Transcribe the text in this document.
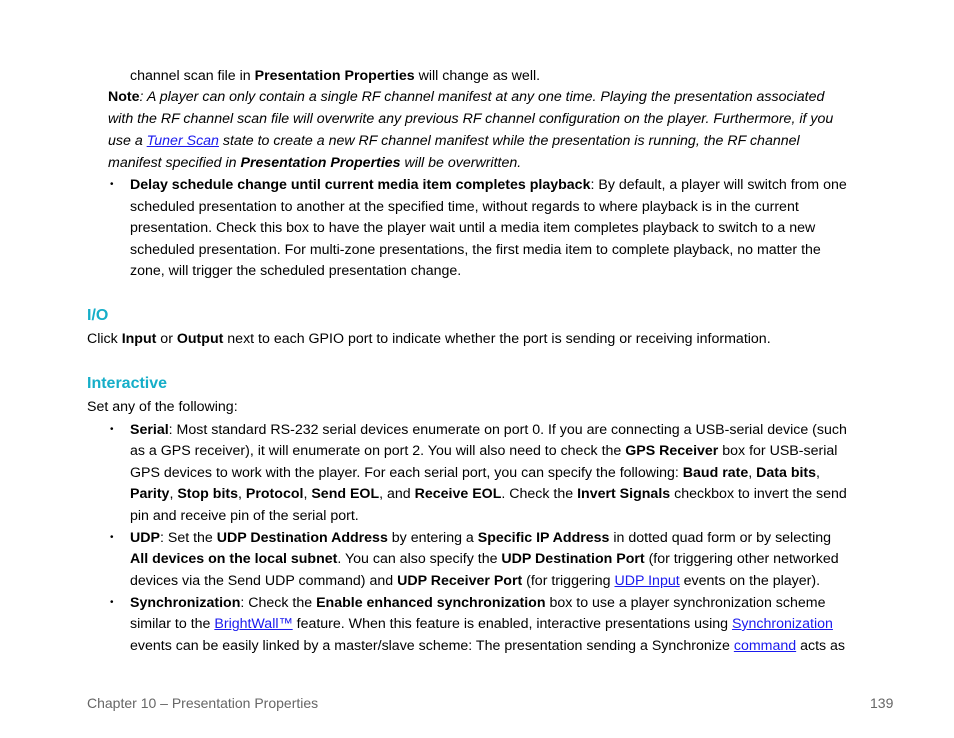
channel scan file in Presentation Properties will change as well.
Note: A player can only contain a single RF channel manifest at any one time. Playing the presentation associated
with the RF channel scan file will overwrite any previous RF channel configuration on the player. Furthermore, if you
use a Tuner Scan state to create a new RF channel manifest while the presentation is running, the RF channel
manifest specified in Presentation Properties will be overwritten.
• Delay schedule change until current media item completes playback: By default, a player will switch from one
scheduled presentation to another at the specified time, without regards to where playback is in the current
presentation. Check this box to have the player wait until a media item completes playback to switch to a new
scheduled presentation. For multi-zone presentations, the first media item to complete playback, no matter the
zone, will trigger the scheduled presentation change.
I/O
Click Input or Output next to each GPIO port to indicate whether the port is sending or receiving information.
Interactive
Set any of the following:
• Serial: Most standard RS-232 serial devices enumerate on port 0. If you are connecting a USB-serial device (such
as a GPS receiver), it will enumerate on port 2. You will also need to check the GPS Receiver box for USB-serial
GPS devices to work with the player. For each serial port, you can specify the following: Baud rate, Data bits,
Parity, Stop bits, Protocol, Send EOL, and Receive EOL. Check the Invert Signals checkbox to invert the send
pin and receive pin of the serial port.
• UDP: Set the UDP Destination Address by entering a Specific IP Address in dotted quad form or by selecting
All devices on the local subnet. You can also specify the UDP Destination Port (for triggering other networked
devices via the Send UDP command) and UDP Receiver Port (for triggering UDP Input events on the player).
• Synchronization: Check the Enable enhanced synchronization box to use a player synchronization scheme
similar to the BrightWall™ feature. When this feature is enabled, interactive presentations using Synchronization
events can be easily linked by a master/slave scheme: The presentation sending a Synchronize command acts as
Chapter 10 – Presentation Properties	139
